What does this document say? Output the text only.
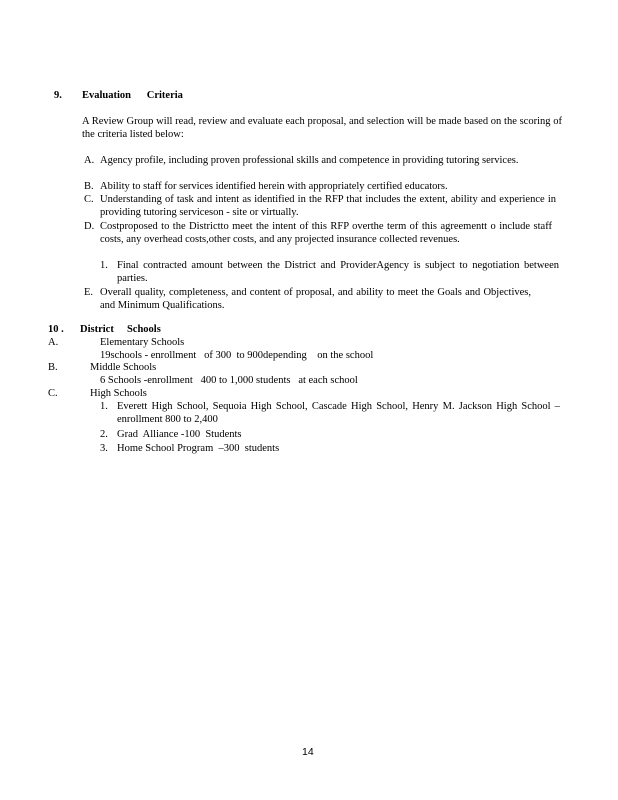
9. Evaluation      Criteria
A Review Group will read, review and evaluate each proposal, and selection will be made based on the scoring of the criteria listed below:
A. Agency profile, including proven professional skills and competence in providing tutoring services.
B. Ability to staff for services identified herein with appropriately certified educators.
C. Understanding of task and intent as identified in the RFP that includes the extent, ability and experience in providing tutoring serviceson - site or virtually.
D. Costproposed to the Districtto meet the intent of this RFP overthe term of this agreementt o include staff costs, any overhead costs,other costs, and any projected insurance collected revenues.
1. Final contracted amount between the District and ProviderAgency is subject to negotiation between parties.
E. Overall quality, completeness, and content of proposal, and ability to meet the Goals and Objectives, and Minimum Qualifications.
10 . District     Schools
A.	Elementary Schools
19schools - enrollment   of 300  to 900depending    on the school
B.	Middle Schools
6 Schools -enrollment   400 to 1,000 students   at each school
C.	High Schools
1. Everett High School, Sequoia High School, Cascade High School, Henry M. Jackson High School –enrollment 800 to 2,400
2. Grad  Alliance -100  Students
3. Home School Program  –300  students
14
